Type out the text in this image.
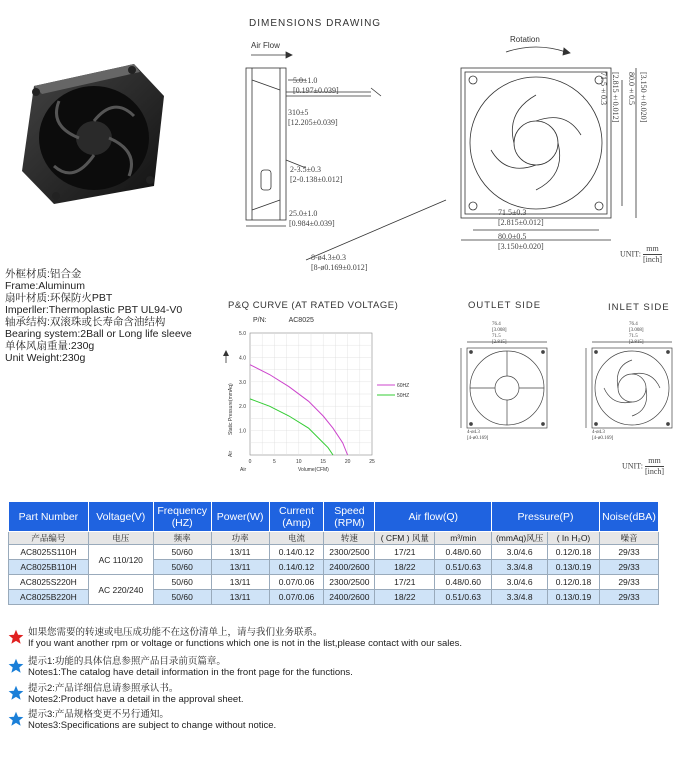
DIMENSIONS DRAWING
Air Flow
Rotation
5.0±1.0
[0.197±0.039]
310±5
[12.205±0.039]
2-3.5±0.3
[2-0.138±0.012]
25.0±1.0
[0.984±0.039]
8-ø4.3±0.3
[8-ø0.169±0.012]
71.5±0.3
[2.815±0.012]
80.0±0.5
[3.150±0.020]
71.5±0.3 [2.815±0.012] 80.0±0.5 [3.150±0.020]
UNIT:
mm
[inch]
外框材质:铝合金
Frame:Aluminum
扇叶材质:环保防火PBT
Imperller:Thermoplastic PBT UL94-V0
轴承结构:双滚珠或长寿命含油结构
Bearing system:2Ball or Long life sleeve
单体风扇重量:230g
Unit Weight:230g
P&Q CURVE (AT RATED VOLTAGE)
P/N:	AC8025
0	5	10	15	20	25
1.0
2.0
3.0
4.0
5.0
Static Pressure(mmAq)
Air
Air	Volume(CFM)
60HZ
50HZ
OUTLET SIDE	INLET SIDE
76.4
[3.008]
71.5
[2.815]
4-ø4.3
[4-ø0.169]
76.4
[3.008]
71.5
[2.815]
4-ø4.3
[4-ø0.169]
UNIT:
mm
[inch]
Part Number	Voltage(V)	Frequency (HZ)	Power(W)	Current (Amp)	Speed (RPM)	Air flow(Q)		Pressure(P)		Noise(dBA)
产品编号	电压	频率	功率	电流	转速	( CFM ) 风量	m³/min	(mmAq)风压	( In H₂O)	噪音
AC8025S110H	AC 110/120	50/60	13/11	0.14/0.12	2300/2500	17/21	0.48/0.60	3.0/4.6	0.12/0.18	29/33
AC8025B110H		50/60	13/11	0.14/0.12	2400/2600	18/22	0.51/0.63	3.3/4.8	0.13/0.19	29/33
AC8025S220H	AC 220/240	50/60	13/11	0.07/0.06	2300/2500	17/21	0.48/0.60	3.0/4.6	0.12/0.18	29/33
AC8025B220H		50/60	13/11	0.07/0.06	2400/2600	18/22	0.51/0.63	3.3/4.8	0.13/0.19	29/33
如果您需要的转速或电压成功能不在这份清单上，请与我们业务联系。
If you want another rpm or voltage or functions which one is not in the list,please contact with our sales.
提示1:功能的具体信息参照产品目录前页篇章。
Notes1:The catalog have detail information in the front page for the functions.
提示2:产品详细信息请参照承认书。
Notes2:Product have a detail in the approval sheet.
提示3:产品规格变更不另行通知。
Notes3:Specifications are subject to change without notice.
